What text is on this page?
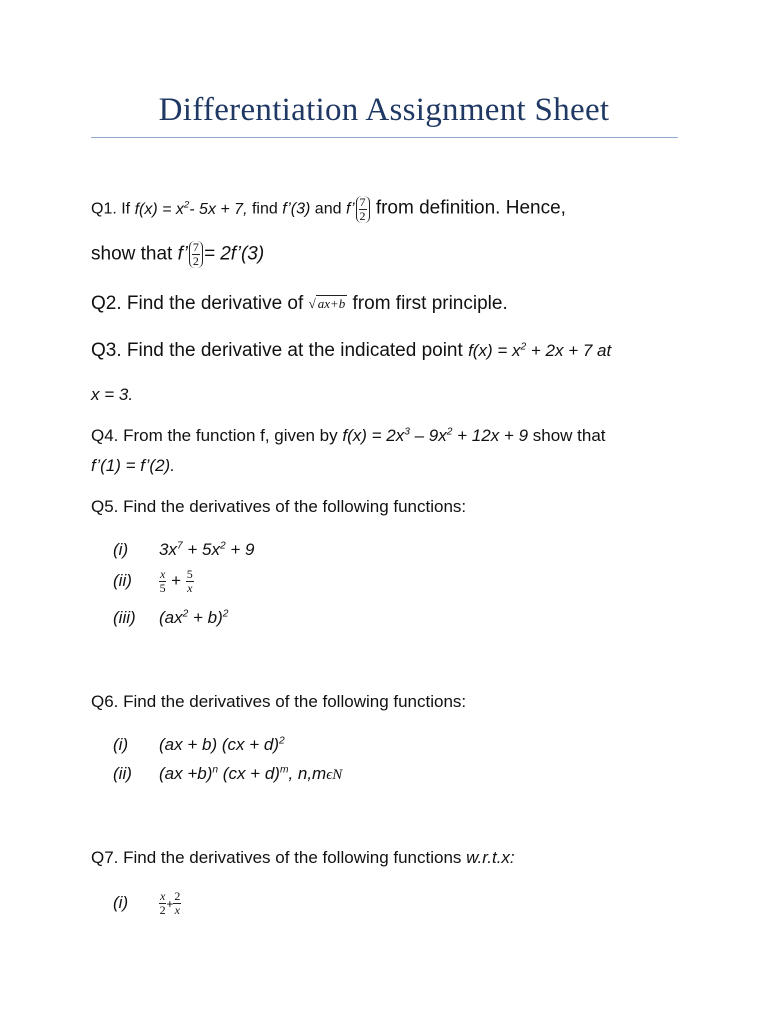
Differentiation Assignment Sheet
Q1. If $f(x) = x^2-$ 5x + 7, find f’(3) and f’ $\frac{7}{2}$ from definition. Hence,
show that f’ $\frac{7}{2}$ = 2f’(3)
Q2. Find the derivative of √ ax+b from first principle.
Q3. Find the derivative at the indicated point $f(x) = x^2 + 2x + 7$ at
x = 3.
Q4. From the function f, given by $f(x) = 2x^3 - 9x^2 + 12x + 9$ show that
f’(1) = f’(2).
Q5. Find the derivatives of the following functions:
(i) $3x^7 + 5x^2 + 9$
$(ii) \frac{x}{5} + \frac{5}{x}$
(iii) $(ax^2 + b)^2$
Q6. Find the derivatives of the following functions:
(i) (ax + b) (cx + d)$^2$
(ii) (ax +b)$^n$ (cx + d)$^m$, n,mϵN
Q7. Find the derivatives of the following functions w.r.t.x:
(i)	$\frac{x}{2} + \frac{2}{x}$
